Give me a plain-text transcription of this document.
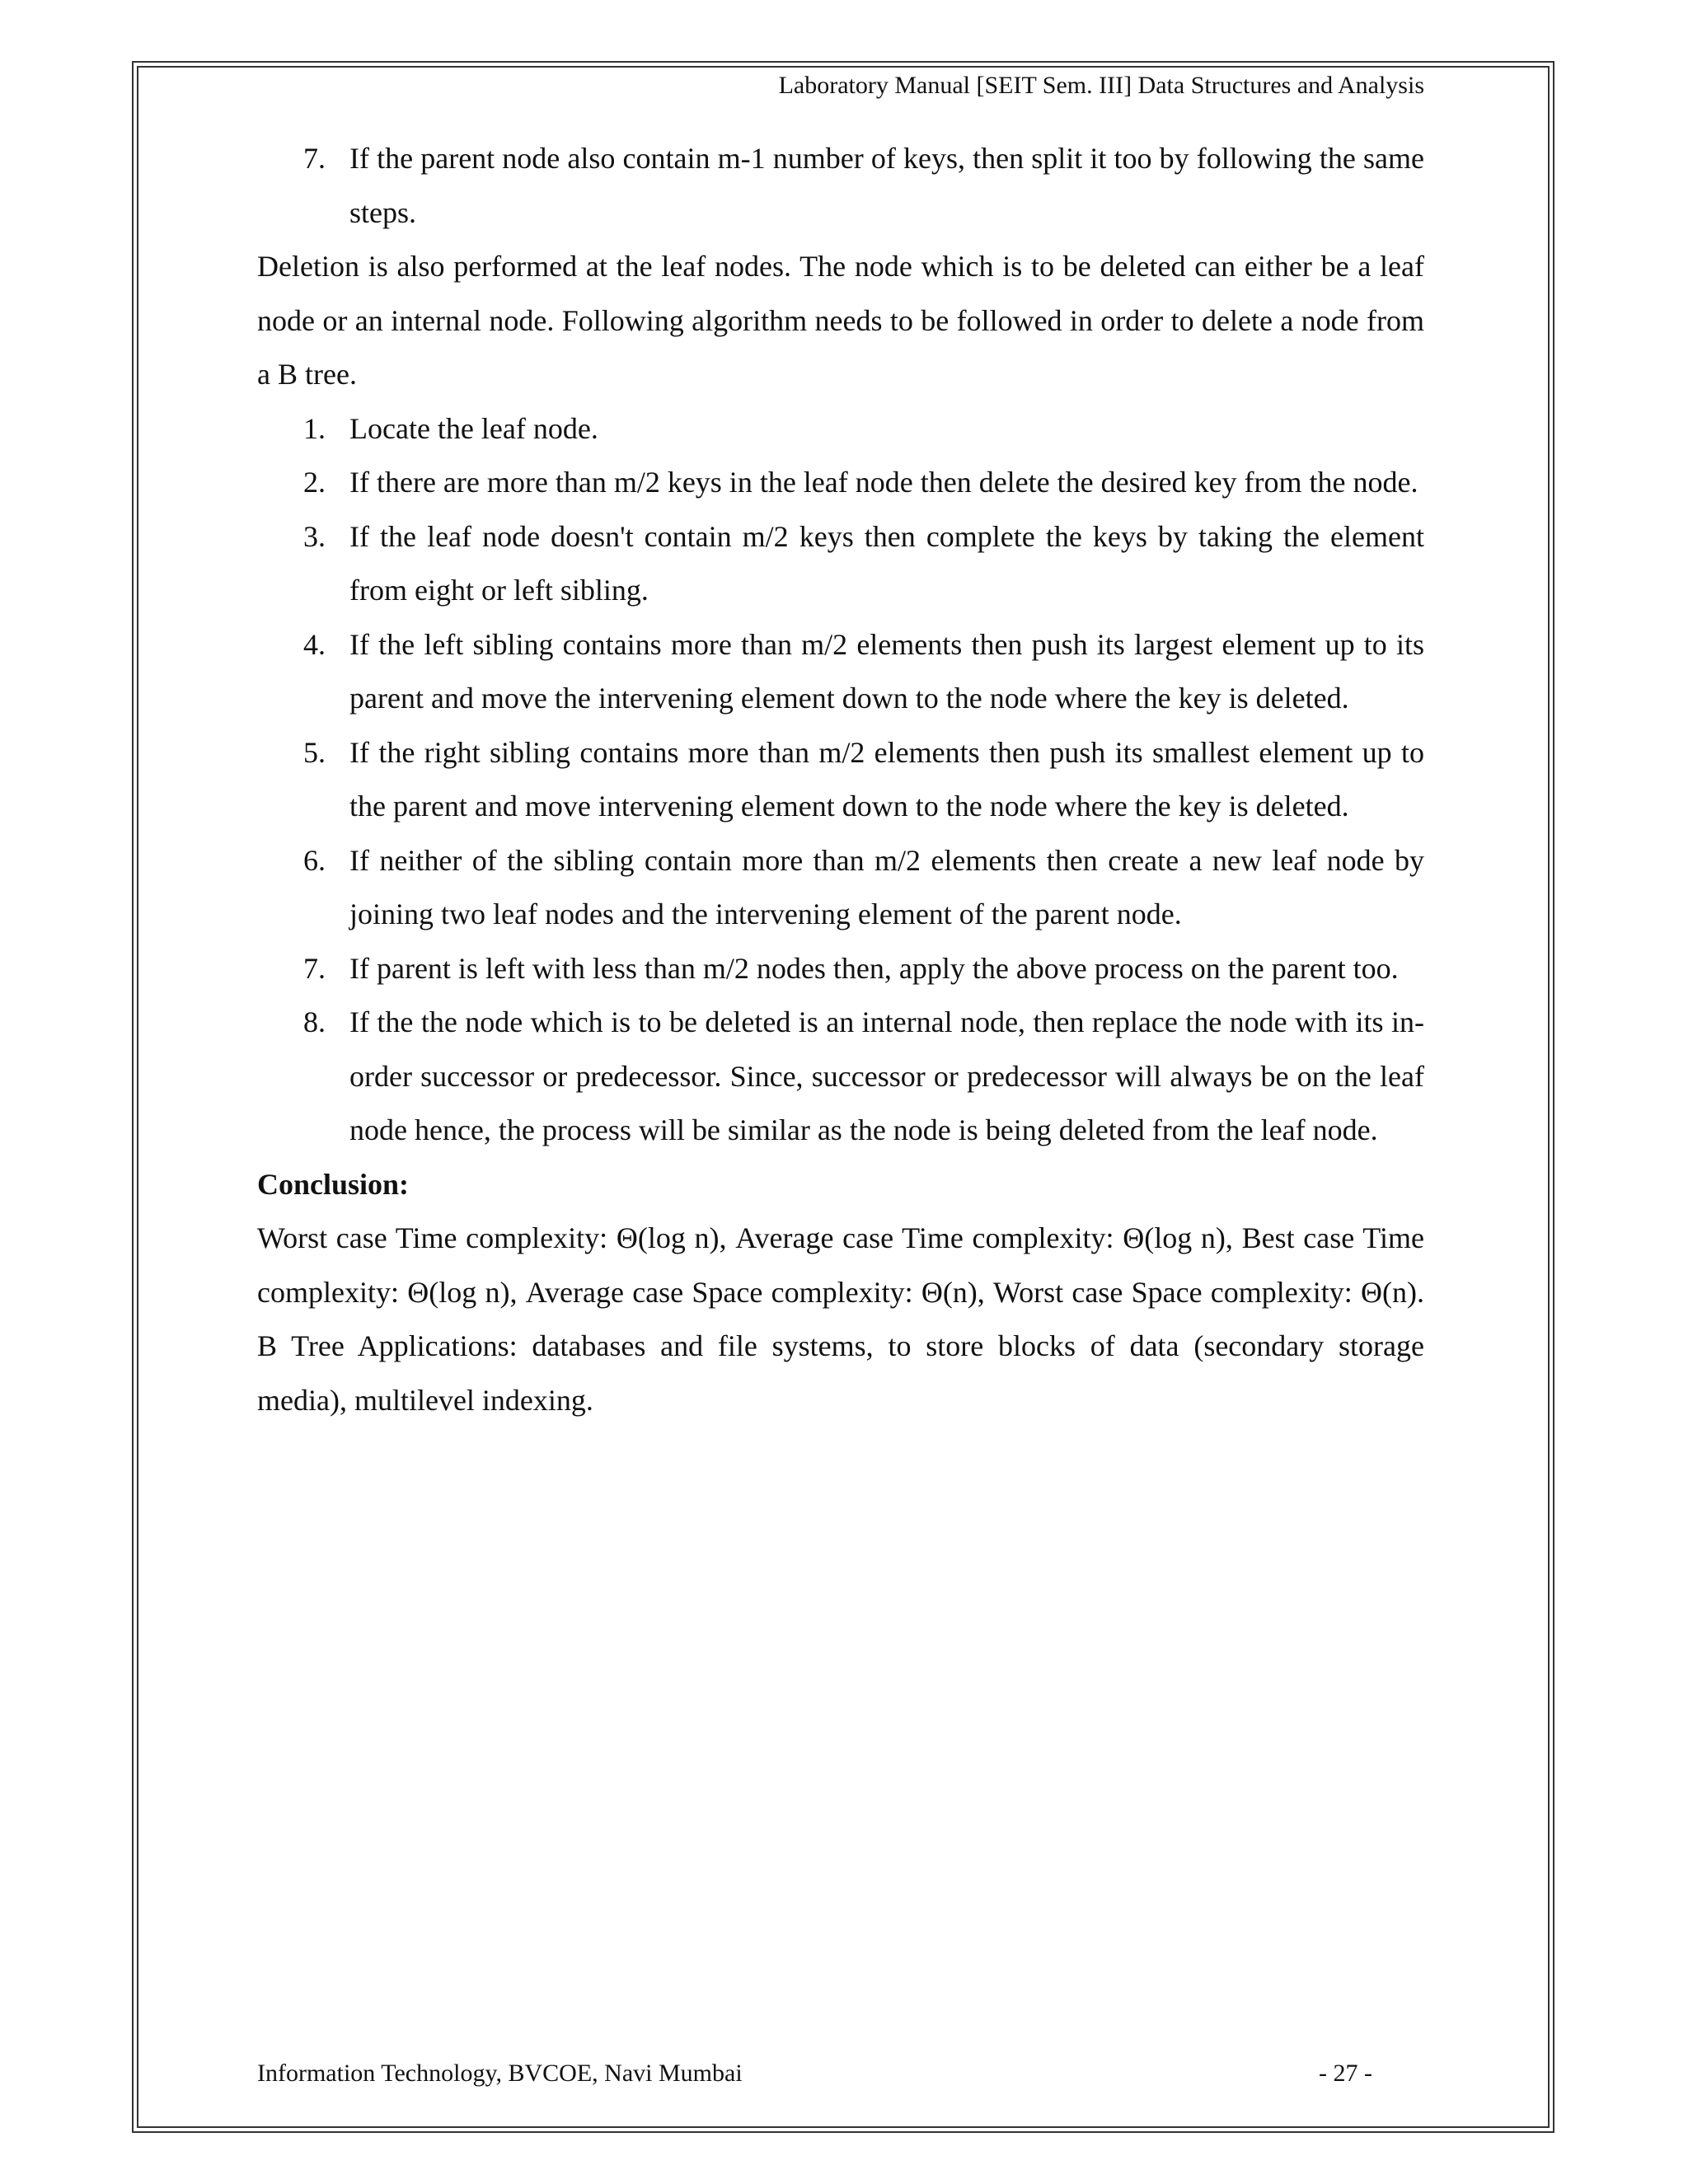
Laboratory Manual [SEIT Sem. III] Data Structures and Analysis
7. If the parent node also contain m-1 number of keys, then split it too by following the same steps.

Deletion is also performed at the leaf nodes. The node which is to be deleted can either be a leaf node or an internal node. Following algorithm needs to be followed in order to delete a node from a B tree.

1. Locate the leaf node.
2. If there are more than m/2 keys in the leaf node then delete the desired key from the node.
3. If the leaf node doesn't contain m/2 keys then complete the keys by taking the element from eight or left sibling.
4. If the left sibling contains more than m/2 elements then push its largest element up to its parent and move the intervening element down to the node where the key is deleted.
5. If the right sibling contains more than m/2 elements then push its smallest element up to the parent and move intervening element down to the node where the key is deleted.
6. If neither of the sibling contain more than m/2 elements then create a new leaf node by joining two leaf nodes and the intervening element of the parent node.
7. If parent is left with less than m/2 nodes then, apply the above process on the parent too.
8. If the the node which is to be deleted is an internal node, then replace the node with its in-order successor or predecessor. Since, successor or predecessor will always be on the leaf node hence, the process will be similar as the node is being deleted from the leaf node.

Conclusion:

Worst case Time complexity: Θ(log n), Average case Time complexity: Θ(log n), Best case Time complexity: Θ(log n), Average case Space complexity: Θ(n), Worst case Space complexity: Θ(n). B Tree Applications: databases and file systems, to store blocks of data (secondary storage media), multilevel indexing.

Information Technology, BVCOE, Navi Mumbai	- 27 -
